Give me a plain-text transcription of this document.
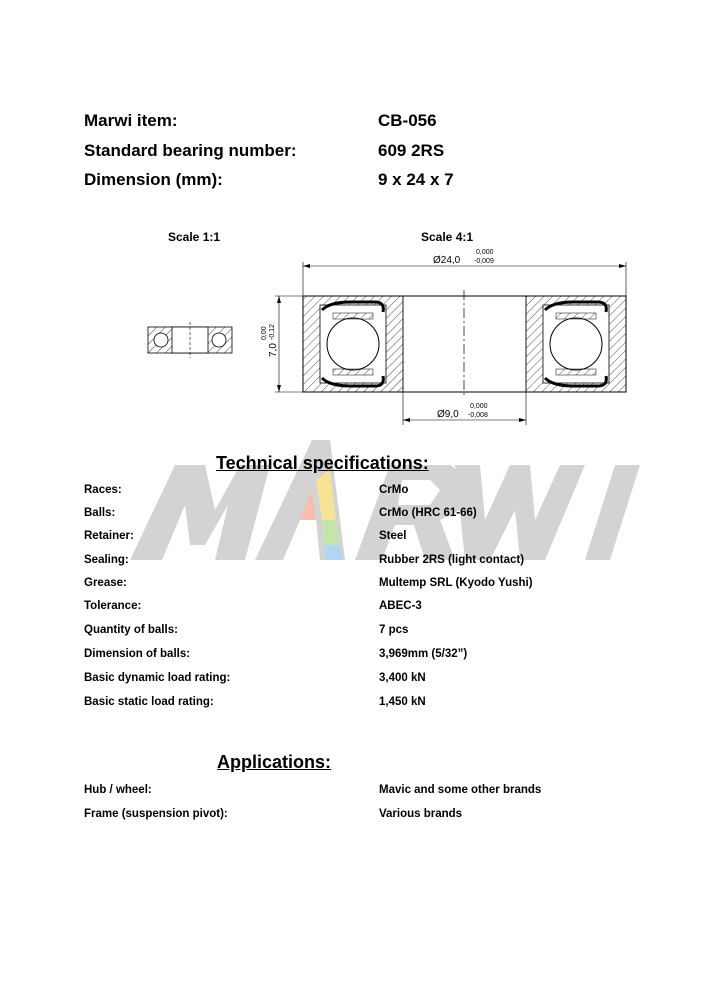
Marwi item:	CB-056
Standard bearing number:	609 2RS
Dimension (mm):	9 x 24 x 7
Scale 1:1	Scale 4:1
Ø24,0
0,000
-0,009
Ø9,0
0,000
-0,008
7,0
0,00 -0,12
Technical specifications:
Races:	CrMo
Balls:	CrMo (HRC 61-66)
Retainer:	Steel
Sealing:	Rubber 2RS (light contact)
Grease:	Multemp SRL (Kyodo Yushi)
Tolerance:	ABEC-3
Quantity of balls:	7 pcs
Dimension of balls:	3,969mm (5/32”)
Basic dynamic load rating:	3,400 kN
Basic static load rating:	1,450 kN
Applications:
Hub / wheel:	Mavic and some other brands
Frame (suspension pivot):	Various brands
